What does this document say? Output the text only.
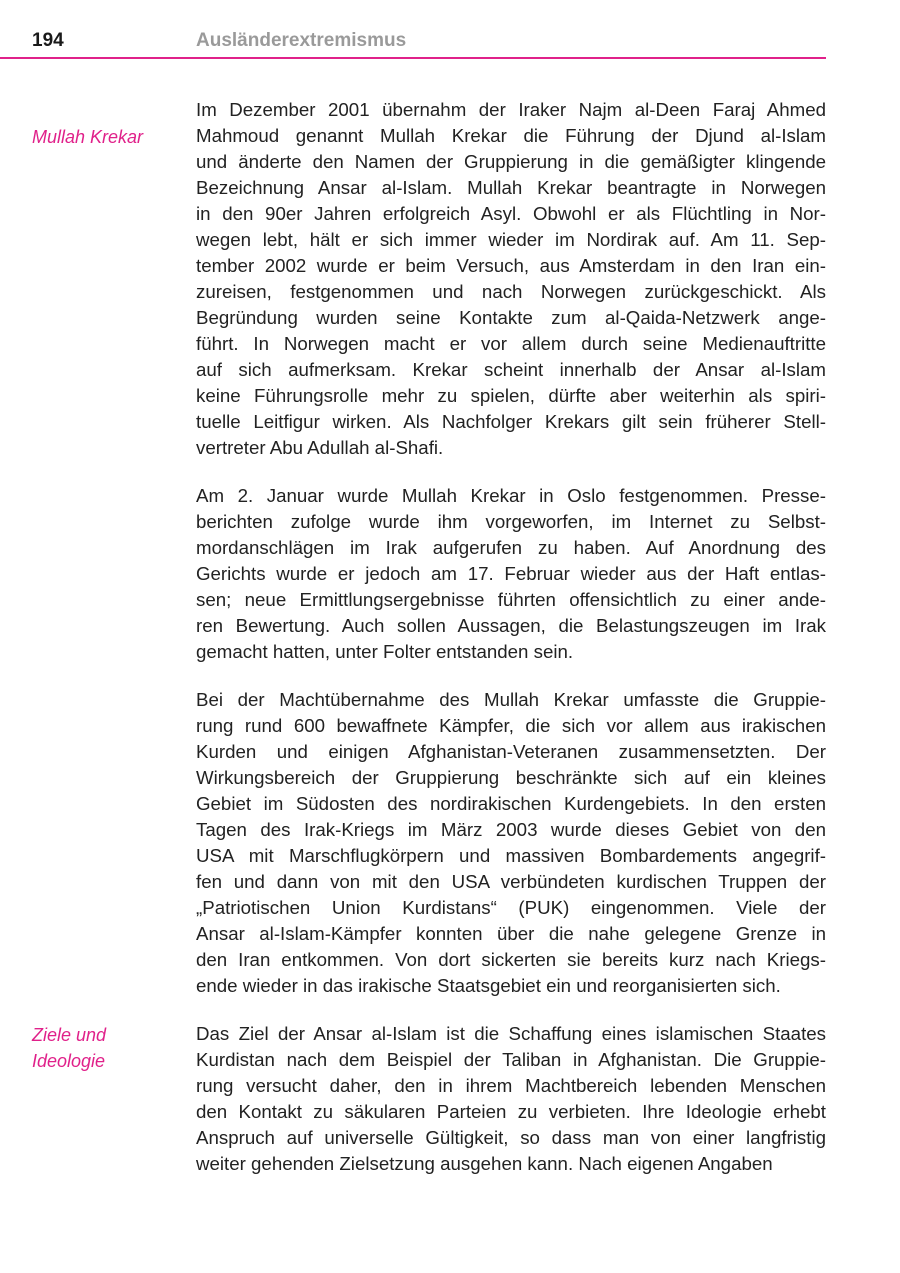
194	Ausländerextremismus
Mullah Krekar
Ziele und Ideologie

Im Dezember 2001 übernahm der Iraker Najm al-Deen Faraj Ahmed
Mahmoud genannt Mullah Krekar die Führung der Djund al-Islam
und änderte den Namen der Gruppierung in die gemäßigter klingende
Bezeichnung Ansar al-Islam. Mullah Krekar beantragte in Norwegen
in den 90er Jahren erfolgreich Asyl. Obwohl er als Flüchtling in Nor-
wegen lebt, hält er sich immer wieder im Nordirak auf. Am 11. Sep-
tember 2002 wurde er beim Versuch, aus Amsterdam in den Iran ein-
zureisen, festgenommen und nach Norwegen zurückgeschickt. Als
Begründung wurden seine Kontakte zum al-Qaida-Netzwerk ange-
führt. In Norwegen macht er vor allem durch seine Medienauftritte
auf sich aufmerksam. Krekar scheint innerhalb der Ansar al-Islam
keine Führungsrolle mehr zu spielen, dürfte aber weiterhin als spiri-
tuelle Leitfigur wirken. Als Nachfolger Krekars gilt sein früherer Stell-
vertreter Abu Adullah al-Shafi.

Am 2. Januar wurde Mullah Krekar in Oslo festgenommen. Presse-
berichten zufolge wurde ihm vorgeworfen, im Internet zu Selbst-
mordanschlägen im Irak aufgerufen zu haben. Auf Anordnung des
Gerichts wurde er jedoch am 17. Februar wieder aus der Haft entlas-
sen; neue Ermittlungsergebnisse führten offensichtlich zu einer ande-
ren Bewertung. Auch sollen Aussagen, die Belastungszeugen im Irak
gemacht hatten, unter Folter entstanden sein.

Bei der Machtübernahme des Mullah Krekar umfasste die Gruppie-
rung rund 600 bewaffnete Kämpfer, die sich vor allem aus irakischen
Kurden und einigen Afghanistan-Veteranen zusammensetzten. Der
Wirkungsbereich der Gruppierung beschränkte sich auf ein kleines
Gebiet im Südosten des nordirakischen Kurdengebiets. In den ersten
Tagen des Irak-Kriegs im März 2003 wurde dieses Gebiet von den
USA mit Marschflugkörpern und massiven Bombardements angegrif-
fen und dann von mit den USA verbündeten kurdischen Truppen der
„Patriotischen Union Kurdistans“ (PUK) eingenommen. Viele der
Ansar al-Islam-Kämpfer konnten über die nahe gelegene Grenze in
den Iran entkommen. Von dort sickerten sie bereits kurz nach Kriegs-
ende wieder in das irakische Staatsgebiet ein und reorganisierten sich.

Das Ziel der Ansar al-Islam ist die Schaffung eines islamischen Staates
Kurdistan nach dem Beispiel der Taliban in Afghanistan. Die Gruppie-
rung versucht daher, den in ihrem Machtbereich lebenden Menschen
den Kontakt zu säkularen Parteien zu verbieten. Ihre Ideologie erhebt
Anspruch auf universelle Gültigkeit, so dass man von einer langfristig
weiter gehenden Zielsetzung ausgehen kann. Nach eigenen Angaben
